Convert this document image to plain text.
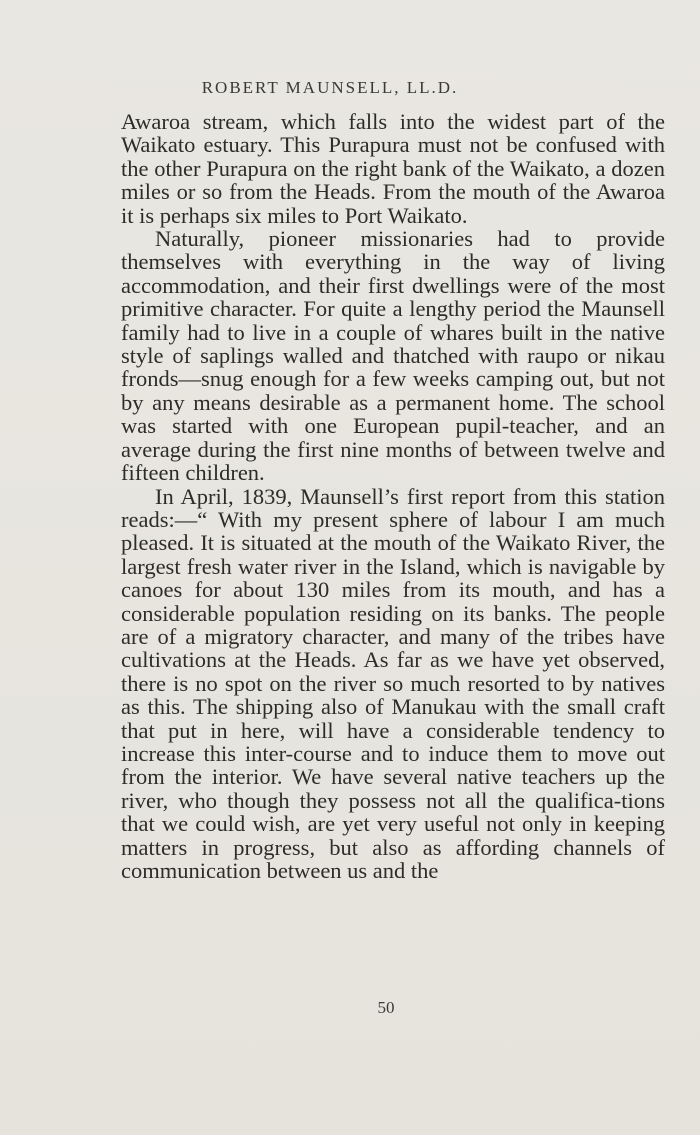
ROBERT MAUNSELL, LL.D.

Awaroa stream, which falls into the widest part of the Waikato estuary. This Purapura must not be confused with the other Purapura on the right bank of the Waikato, a dozen miles or so from the Heads. From the mouth of the Awaroa it is perhaps six miles to Port Waikato.

Naturally, pioneer missionaries had to provide themselves with everything in the way of living accommodation, and their first dwellings were of the most primitive character. For quite a lengthy period the Maunsell family had to live in a couple of whares built in the native style of saplings walled and thatched with raupo or nikau fronds—snug enough for a few weeks camping out, but not by any means desirable as a permanent home. The school was started with one European pupil-teacher, and an average during the first nine months of between twelve and fifteen children.

In April, 1839, Maunsell’s first report from this station reads:—“ With my present sphere of labour I am much pleased. It is situated at the mouth of the Waikato River, the largest fresh water river in the Island, which is navigable by canoes for about 130 miles from its mouth, and has a considerable population residing on its banks. The people are of a migratory character, and many of the tribes have cultivations at the Heads. As far as we have yet observed, there is no spot on the river so much resorted to by natives as this. The shipping also of Manukau with the small craft that put in here, will have a considerable tendency to increase this inter-course and to induce them to move out from the interior. We have several native teachers up the river, who though they possess not all the qualifica-tions that we could wish, are yet very useful not only in keeping matters in progress, but also as affording channels of communication between us and the

50
